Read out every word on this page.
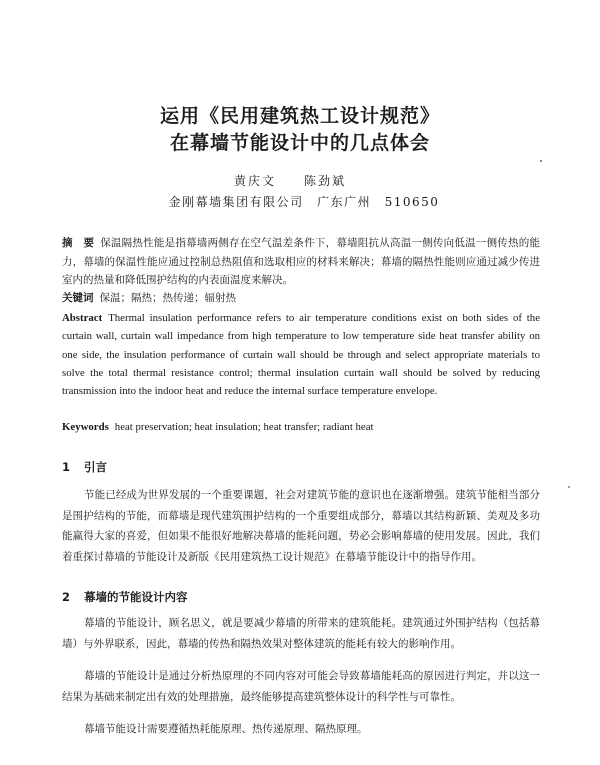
运用《民用建筑热工设计规范》
在幕墙节能设计中的几点体会
黄庆文　　陈劲斌
金刚幕墙集团有限公司　广东广州　510650
摘　要 保温隔热性能是指幕墙两侧存在空气温差条件下，幕墙阻抗从高温一侧传向低温一侧传热的能力，幕墙的保温性能应通过控制总热阻值和选取相应的材料来解决；幕墙的隔热性能则应通过减少传进室内的热量和降低围护结构的内表面温度来解决。
关键词 保温；隔热；热传递；辐射热
Abstract Thermal insulation performance refers to air temperature conditions exist on both sides of the curtain wall, curtain wall impedance from high temperature to low temperature side heat transfer ability on one side, the insulation performance of curtain wall should be through and select appropriate materials to solve the total thermal resistance control; thermal insulation curtain wall should be solved by reducing transmission into the indoor heat and reduce the internal surface temperature envelope.
Keywords heat preservation; heat insulation; heat transfer; radiant heat
1 引言
节能已经成为世界发展的一个重要课题，社会对建筑节能的意识也在逐渐增强。建筑节能相当部分是围护结构的节能，而幕墙是现代建筑围护结构的一个重要组成部分，幕墙以其结构新颖、美观及多功能赢得大家的喜爱，但如果不能很好地解决幕墙的能耗问题，势必会影响幕墙的使用发展。因此，我们着重探讨幕墙的节能设计及新版《民用建筑热工设计规范》在幕墙节能设计中的指导作用。
2 幕墙的节能设计内容
幕墙的节能设计，顾名思义，就是要减少幕墙的所带来的建筑能耗。建筑通过外围护结构（包括幕墙）与外界联系，因此，幕墙的传热和隔热效果对整体建筑的能耗有较大的影响作用。
幕墙的节能设计是通过分析热原理的不同内容对可能会导致幕墙能耗高的原因进行判定，并以这一结果为基础来制定出有效的处理措施，最终能够提高建筑整体设计的科学性与可靠性。
幕墙节能设计需要遵循热耗能原理、热传递原理、隔热原理。
